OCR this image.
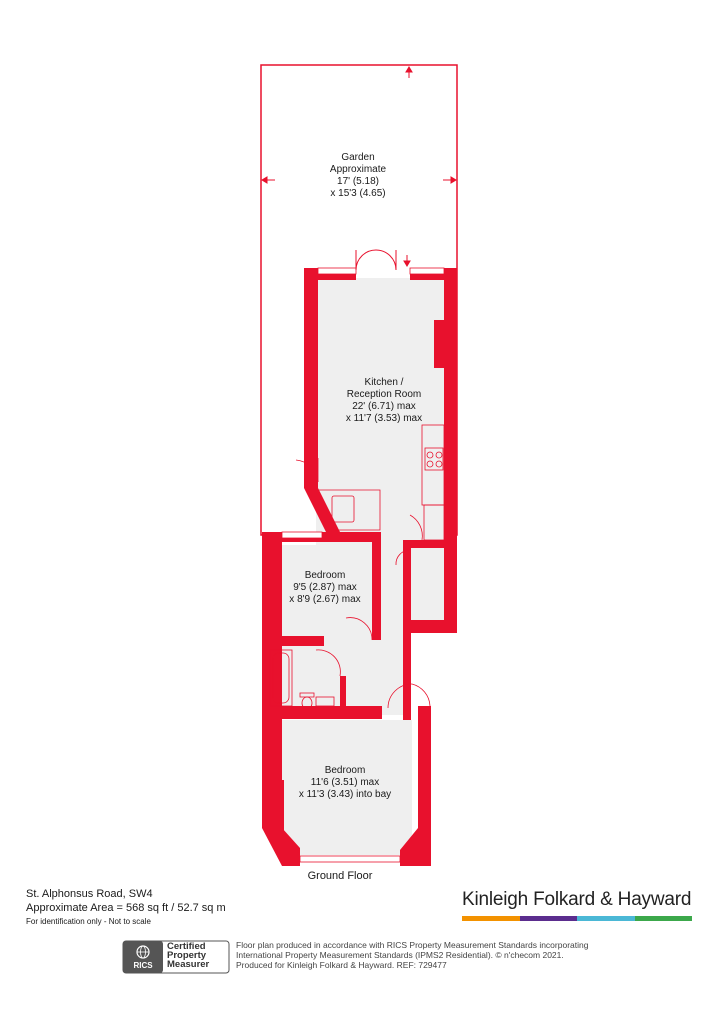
Garden
Approximate
17' (5.18)
x 15'3 (4.65)
Kitchen /
Reception Room
22' (6.71) max
x 11'7 (3.53) max
Bedroom
9'5 (2.87) max
x 8'9 (2.67) max
Bedroom
11'6 (3.51) max
x 11'3 (3.43) into bay
Ground Floor
St. Alphonsus Road, SW4
Approximate Area = 568 sq ft / 52.7 sq m
For identification only - Not to scale
Kinleigh Folkard & Hayward
RICS
Certified
Property
Measurer
Floor plan produced in accordance with RICS Property Measurement Standards incorporating
International Property Measurement Standards (IPMS2 Residential). © n'checom 2021.
Produced for Kinleigh Folkard & Hayward. REF: 729477
